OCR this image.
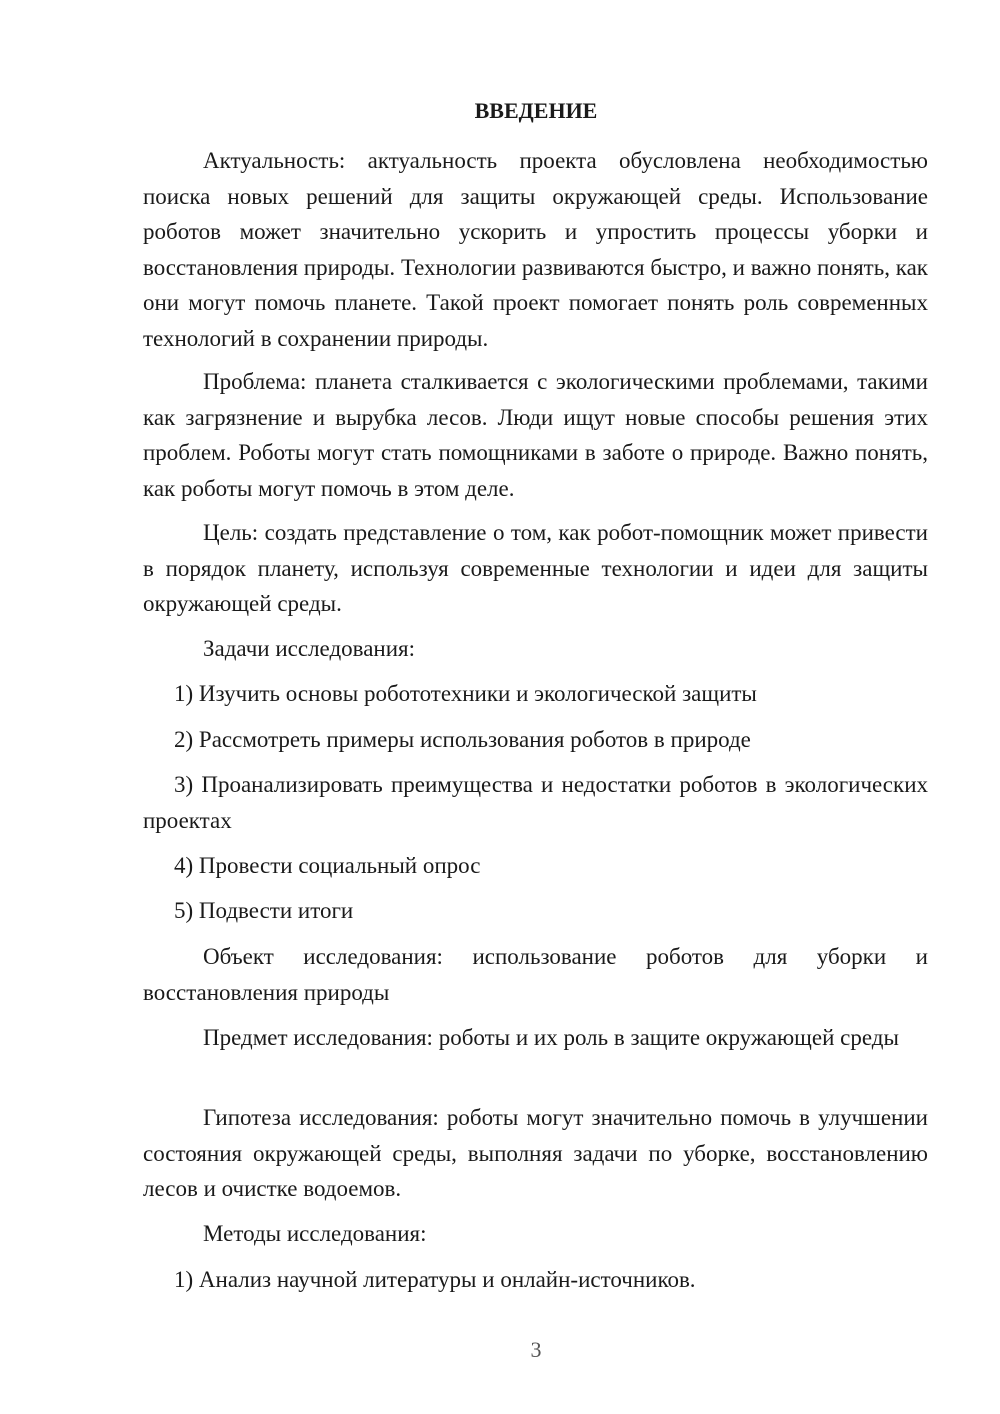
ВВЕДЕНИЕ

Актуальность: актуальность проекта обусловлена необходимостью поиска новых решений для защиты окружающей среды. Использование роботов может значительно ускорить и упростить процессы уборки и восстановления природы. Технологии развиваются быстро, и важно понять, как они могут помочь планете. Такой проект помогает понять роль современных технологий в сохранении природы.

Проблема: планета сталкивается с экологическими проблемами, такими как загрязнение и вырубка лесов. Люди ищут новые способы решения этих проблем. Роботы могут стать помощниками в заботе о природе. Важно понять, как роботы могут помочь в этом деле.

Цель: создать представление о том, как робот-помощник может привести в порядок планету, используя современные технологии и идеи для защиты окружающей среды.

Задачи исследования:

1) Изучить основы робототехники и экологической защиты

2) Рассмотреть примеры использования роботов в природе

3) Проанализировать преимущества и недостатки роботов в экологических проектах

4) Провести социальный опрос

5) Подвести итоги

Объект исследования: использование роботов для уборки и восстановления природы

Предмет исследования: роботы и их роль в защите окружающей среды

Гипотеза исследования: роботы могут значительно помочь в улучшении состояния окружающей среды, выполняя задачи по уборке, восстановлению лесов и очистке водоемов.

Методы исследования:

1) Анализ научной литературы и онлайн-источников.

3
